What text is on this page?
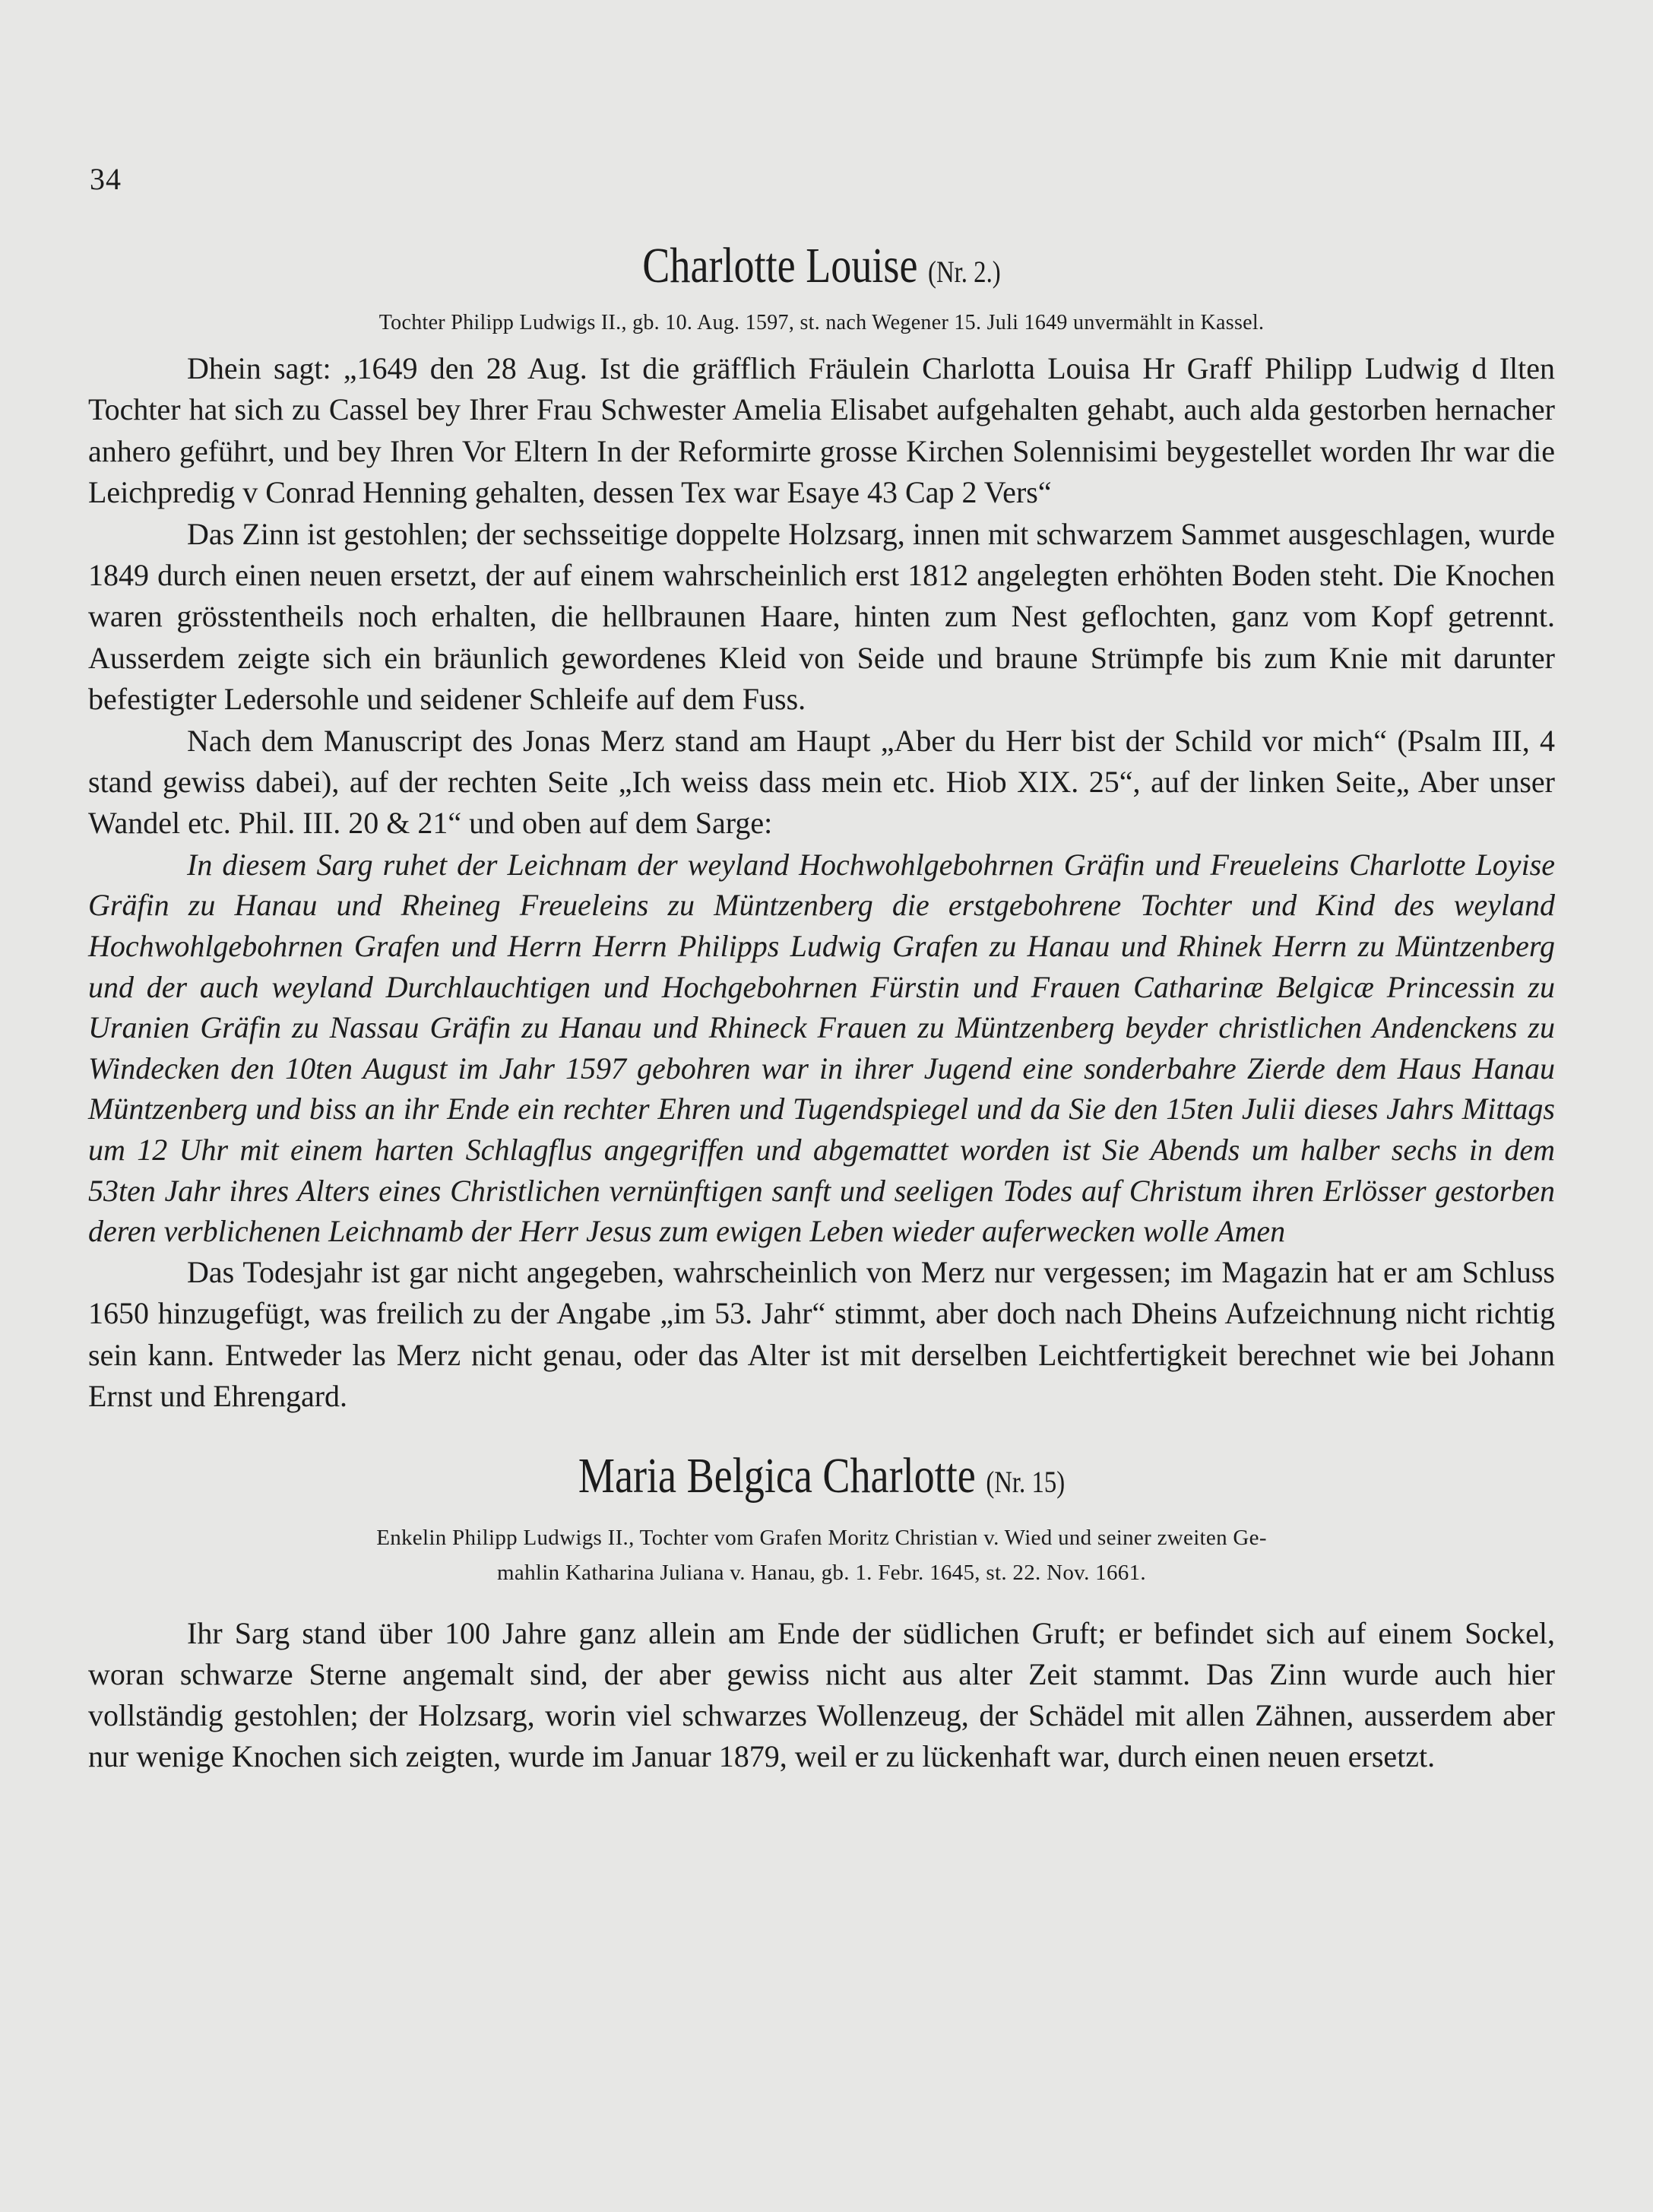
34
Charlotte Louise (Nr. 2.)
Tochter Philipp Ludwigs II., gb. 10. Aug. 1597, st. nach Wegener 15. Juli 1649 unvermählt in Kassel.

Dhein sagt: „1649 den 28 Aug. Ist die gräfflich Fräulein Charlotta Louisa Hr Graff Philipp Ludwig d Ilten Tochter hat sich zu Cassel bey Ihrer Frau Schwester Amelia Elisabet aufgehalten gehabt, auch alda gestorben hernacher anhero geführt, und bey Ihren Vor Eltern In der Reformirte grosse Kirchen Solennisimi beygestellet worden Ihr war die Leichpredig v Conrad Henning gehalten, dessen Tex war Esaye 43 Cap 2 Vers“

Das Zinn ist gestohlen; der sechsseitige doppelte Holzsarg, innen mit schwarzem Sammet ausgeschlagen, wurde 1849 durch einen neuen ersetzt, der auf einem wahrscheinlich erst 1812 angelegten erhöhten Boden steht. Die Knochen waren grösstentheils noch erhalten, die hellbraunen Haare, hinten zum Nest geflochten, ganz vom Kopf getrennt. Ausserdem zeigte sich ein bräunlich gewordenes Kleid von Seide und braune Strümpfe bis zum Knie mit darunter befestigter Ledersohle und seidener Schleife auf dem Fuss.

Nach dem Manuscript des Jonas Merz stand am Haupt „Aber du Herr bist der Schild vor mich“ (Psalm III, 4 stand gewiss dabei), auf der rechten Seite „Ich weiss dass mein etc. Hiob XIX. 25“, auf der linken Seite„ Aber unser Wandel etc. Phil. III. 20 & 21“ und oben auf dem Sarge:

In diesem Sarg ruhet der Leichnam der weyland Hochwohlgebohrnen Gräfin und Freueleins Charlotte Loyise Gräfin zu Hanau und Rheineg Freueleins zu Müntzenberg die erstgebohrene Tochter und Kind des weyland Hochwohlgebohrnen Grafen und Herrn Herrn Philipps Ludwig Grafen zu Hanau und Rhinek Herrn zu Müntzenberg und der auch weyland Durchlauchtigen und Hochgebohrnen Fürstin und Frauen Catharinæ Belgicæ Princessin zu Uranien Gräfin zu Nassau Gräfin zu Hanau und Rhineck Frauen zu Müntzenberg beyder christlichen Andenckens zu Windecken den 10ten August im Jahr 1597 gebohren war in ihrer Jugend eine sonderbahre Zierde dem Haus Hanau Müntzenberg und biss an ihr Ende ein rechter Ehren und Tugendspiegel und da Sie den 15ten Julii dieses Jahrs Mittags um 12 Uhr mit einem harten Schlagflus angegriffen und abgemattet worden ist Sie Abends um halber sechs in dem 53ten Jahr ihres Alters eines Christlichen vernünftigen sanft und seeligen Todes auf Christum ihren Erlösser gestorben deren verblichenen Leichnamb der Herr Jesus zum ewigen Leben wieder auferwecken wolle Amen

Das Todesjahr ist gar nicht angegeben, wahrscheinlich von Merz nur vergessen; im Magazin hat er am Schluss 1650 hinzugefügt, was freilich zu der Angabe „im 53. Jahr“ stimmt, aber doch nach Dheins Aufzeichnung nicht richtig sein kann. Entweder las Merz nicht genau, oder das Alter ist mit derselben Leichtfertigkeit berechnet wie bei Johann Ernst und Ehrengard.

Maria Belgica Charlotte (Nr. 15)
Enkelin Philipp Ludwigs II., Tochter vom Grafen Moritz Christian v. Wied und seiner zweiten Ge-
mahlin Katharina Juliana v. Hanau, gb. 1. Febr. 1645, st. 22. Nov. 1661.

Ihr Sarg stand über 100 Jahre ganz allein am Ende der südlichen Gruft; er befindet sich auf einem Sockel, woran schwarze Sterne angemalt sind, der aber gewiss nicht aus alter Zeit stammt. Das Zinn wurde auch hier vollständig gestohlen; der Holzsarg, worin viel schwarzes Wollenzeug, der Schädel mit allen Zähnen, ausserdem aber nur wenige Knochen sich zeigten, wurde im Januar 1879, weil er zu lückenhaft war, durch einen neuen ersetzt.
